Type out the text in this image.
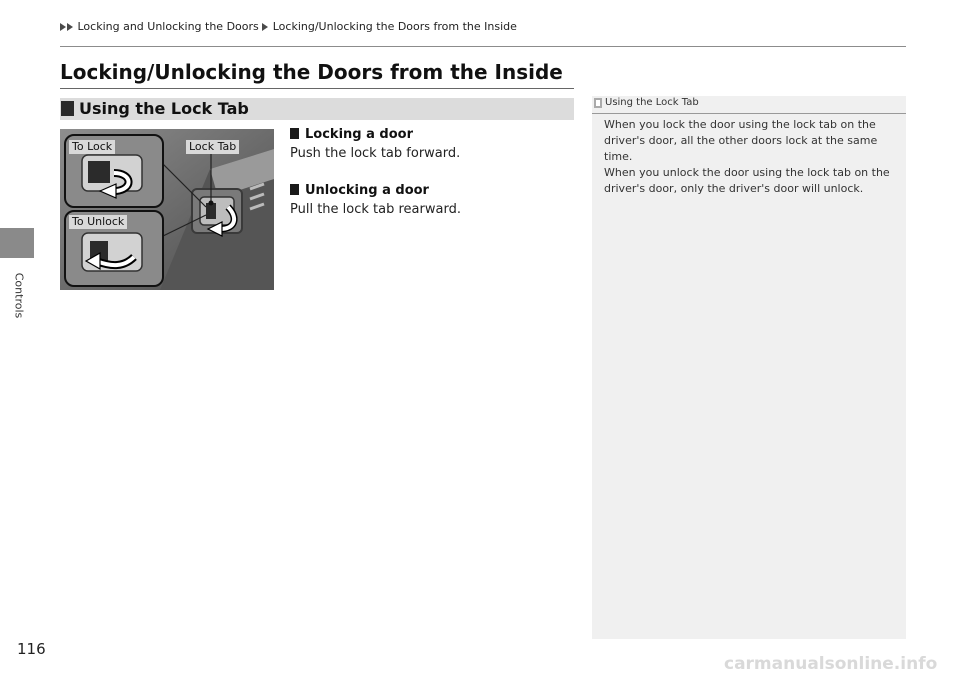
Locking and Unlocking the Doors Locking/Unlocking the Doors from the Inside
Controls
Locking/Unlocking the Doors from the Inside
Using the Lock Tab
To Lock
To Unlock
Lock Tab
Locking a door
Push the lock tab forward.
Unlocking a door
Pull the lock tab rearward.
Using the Lock Tab
When you lock the door using the lock tab on the
driver's door, all the other doors lock at the same
time.
When you unlock the door using the lock tab on the
driver's door, only the driver's door will unlock.
116
carmanualsonline.info
